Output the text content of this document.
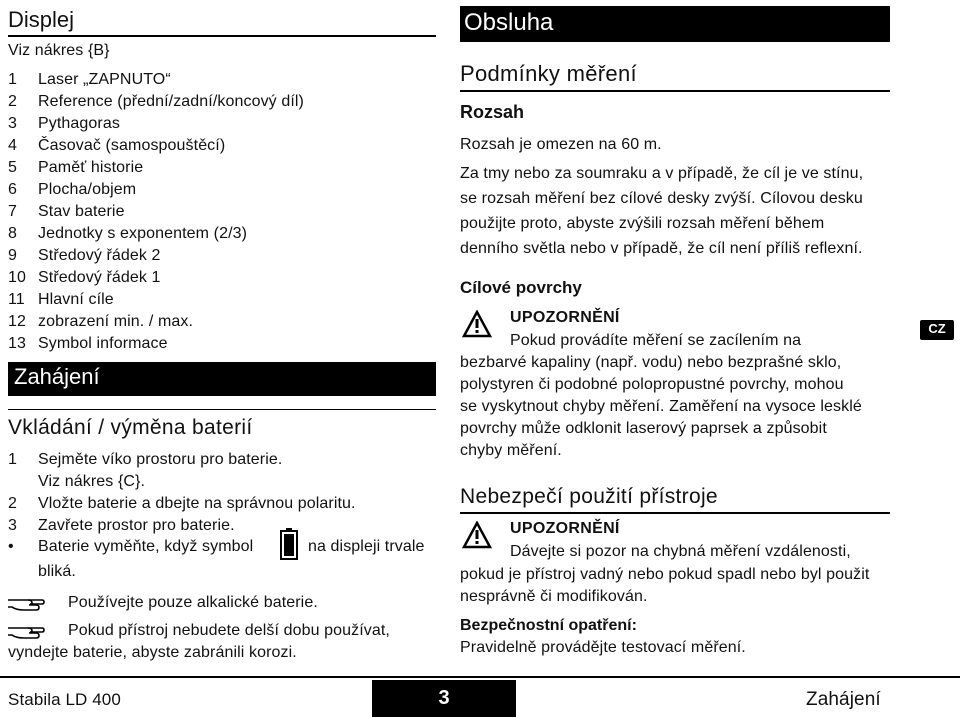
Displej
Viz nákres {B}
1	Laser „ZAPNUTO“
2	Reference (přední/zadní/koncový díl)
3	Pythagoras
4	Časovač (samospouštěcí)
5	Paměť historie
6	Plocha/objem
7	Stav baterie
8	Jednotky s exponentem (2/3)
9	Středový řádek 2
10 Středový řádek 1
11 Hlavní cíle
12 zobrazení min. / max.
13 Symbol informace
Zahájení
Vkládání / výměna baterií
1	Sejměte víko prostoru pro baterie.
Viz nákres {C}.
2	Vložte baterie a dbejte na správnou polaritu.
3	Zavřete prostor pro baterie.
• Baterie vyměňte, když symbol	na displeji trvale
bliká.
Používejte pouze alkalické baterie.
Pokud přístroj nebudete delší dobu používat,
vyndejte baterie, abyste zabránili korozi.
Obsluha
Podmínky měření
Rozsah
Rozsah je omezen na 60 m.
Za tmy nebo za soumraku a v případě, že cíl je ve stínu,
se rozsah měření bez cílové desky zvýší. Cílovou desku
použijte proto, abyste zvýšili rozsah měření během
denního světla nebo v případě, že cíl není příliš reflexní.
Cílové povrchy
UPOZORNĚNÍ
Pokud provádíte měření se zacílením na
bezbarvé kapaliny (např. vodu) nebo bezprašné sklo,
polystyren či podobné polopropustné povrchy, mohou
se vyskytnout chyby měření. Zaměření na vysoce lesklé
povrchy může odklonit laserový paprsek a způsobit
chyby měření.
Nebezpečí použití přístroje
UPOZORNĚNÍ
Dávejte si pozor na chybná měření vzdálenosti,
pokud je přístroj vadný nebo pokud spadl nebo byl použit
nesprávně či modifikován.
Bezpečnostní opatření:
Pravidelně provádějte testovací měření.
CZ
Stabila LD 400	3	Zahájení
